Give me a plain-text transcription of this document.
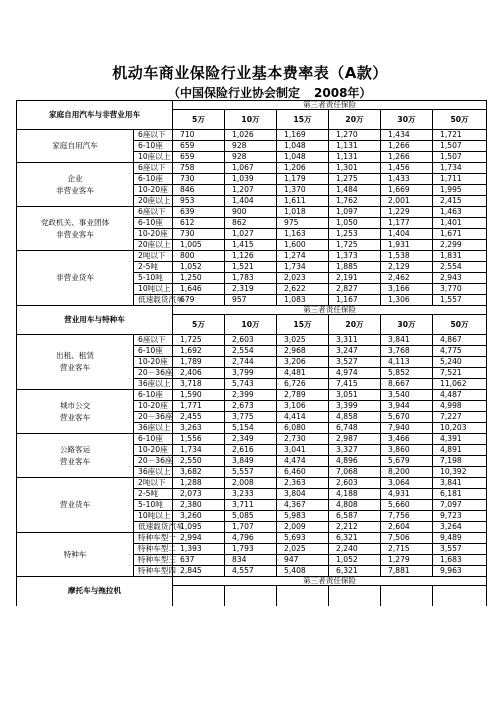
机动车商业保险行业基本费率表（A款）
（中国保险行业协会制定 2008年）
家庭自用汽车与非营业用车		第三者责任保险					
		5万	10万	15万	20万	30万	50万
家庭自用汽车	6座以下	710	1,026	1,169	1,270	1,434	1,721
	6-10座	659	928	1,048	1,131	1,266	1,507
	10座以上	659	928	1,048	1,131	1,266	1,507
企业
非营业客车	6座以下	758	1,067	1,206	1,301	1,456	1,734
	6-10座	730	1,039	1,179	1,275	1,433	1,711
	10-20座	846	1,207	1,370	1,484	1,669	1,995
	20座以上	953	1,404	1,611	1,762	2,001	2,415
党政机关、事业团体
非营业客车	6座以下	639	900	1,018	1,097	1,229	1,463
	6-10座	612	862	975	1,050	1,177	1,401
	10-20座	730	1,027	1,163	1,253	1,404	1,671
	20座以上	1,005	1,415	1,600	1,725	1,931	2,299
非营业货车	2吨以下	800	1,126	1,274	1,373	1,538	1,831
	2-5吨	1,052	1,521	1,734	1,885	2,129	2,554
	5-10吨	1,250	1,783	2,023	2,191	2,462	2,943
	10吨以上	1,646	2,319	2,622	2,827	3,166	3,770
	低速载货汽车	679	957	1,083	1,167	1,306	1,557
营业用车与特种车		第三者责任保险					
		5万	10万	15万	20万	30万	50万
出租、租赁
营业客车	6座以下	1,725	2,603	3,025	3,311	3,841	4,867
	6-10座	1,692	2,554	2,968	3,247	3,768	4,775
	10-20座	1,789	2,744	3,206	3,527	4,113	5,240
	20－36座	2,406	3,799	4,481	4,974	5,852	7,521
	36座以上	3,718	5,743	6,726	7,415	8,667	11,062
城市公交
营业客车	6-10座	1,590	2,399	2,789	3,051	3,540	4,487
	10-20座	1,771	2,673	3,106	3,399	3,944	4,998
	20－36座	2,455	3,775	4,414	4,858	5,670	7,227
	36座以上	3,263	5,154	6,080	6,748	7,940	10,203
公路客运
营业客车	6-10座	1,556	2,349	2,730	2,987	3,466	4,391
	10-20座	1,734	2,616	3,041	3,327	3,860	4,891
	20－36座	2,550	3,849	4,474	4,896	5,679	7,198
	36座以上	3,682	5,557	6,460	7,068	8,200	10,392
营业货车	2吨以下	1,288	2,008	2,363	2,603	3,064	3,841
	2-5吨	2,073	3,233	3,804	4,188	4,931	6,181
	5-10吨	2,380	3,711	4,367	4,808	5,660	7,097
	10吨以上	3,260	5,085	5,983	6,587	7,756	9,723
	低速载货汽车	1,095	1,707	2,009	2,212	2,604	3,264
特种车	特种车型一	2,994	4,796	5,693	6,321	7,506	9,489
	特种车型二	1,393	1,793	2,025	2,240	2,715	3,557
	特种车型三	637	834	947	1,052	1,279	1,683
	特种车型四	2,845	4,557	5,408	6,321	7,881	9,963
摩托车与拖拉机		第三者责任保险					
